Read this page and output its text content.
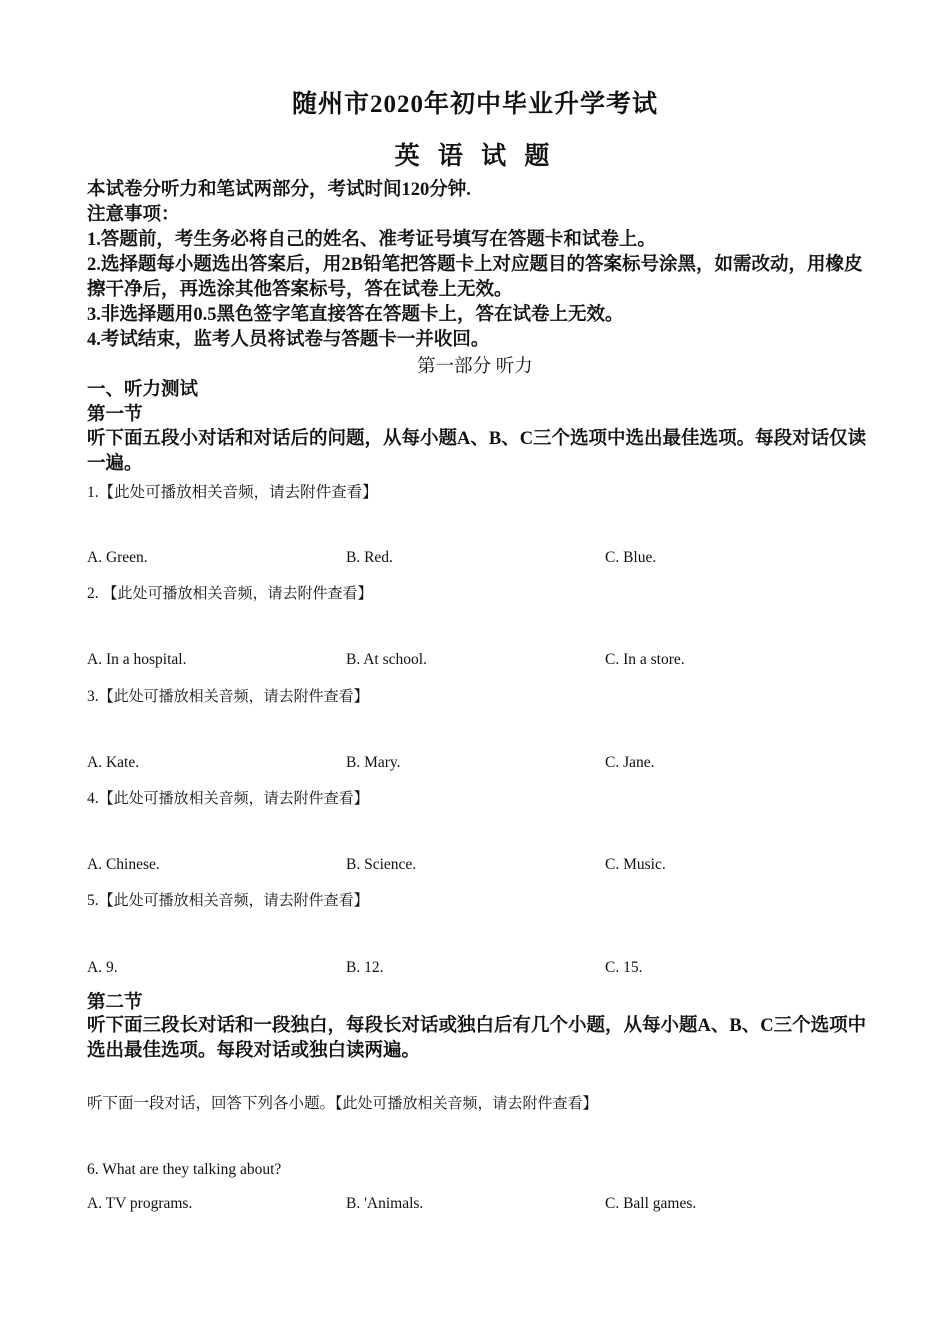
随州市2020年初中毕业升学考试
英 语 试 题
本试卷分听力和笔试两部分，考试时间120分钟.
注意事项：
1.答题前，考生务必将自己的姓名、准考证号填写在答题卡和试卷上。
2.选择题每小题选出答案后，用2B铅笔把答题卡上对应题目的答案标号涂黑，如需改动，用橡皮擦干净后，再选涂其他答案标号，答在试卷上无效。
3.非选择题用0.5黑色签字笔直接答在答题卡上，答在试卷上无效。
4.考试结束，监考人员将试卷与答题卡一并收回。
第一部分 听力
一、听力测试
第一节
听下面五段小对话和对话后的问题，从每小题A、B、C三个选项中选出最佳选项。每段对话仅读一遍。
1.【此处可播放相关音频，请去附件查看】
A. Green.	B. Red.	C. Blue.
2. 【此处可播放相关音频，请去附件查看】
A. In a hospital.	B. At school.	C. In a store.
3.【此处可播放相关音频，请去附件查看】
A. Kate.	B. Mary.	C. Jane.
4.【此处可播放相关音频，请去附件查看】
A. Chinese.	B. Science.	C. Music.
5.【此处可播放相关音频，请去附件查看】
A. 9.	B. 12.	C. 15.
第二节
听下面三段长对话和一段独白，每段长对话或独白后有几个小题，从每小题A、B、C三个选项中选出最佳选项。每段对话或独白读两遍。
听下面一段对话，回答下列各小题。【此处可播放相关音频，请去附件查看】
6. What are they talking about?
A. TV programs.	B. 'Animals.	C. Ball games.
